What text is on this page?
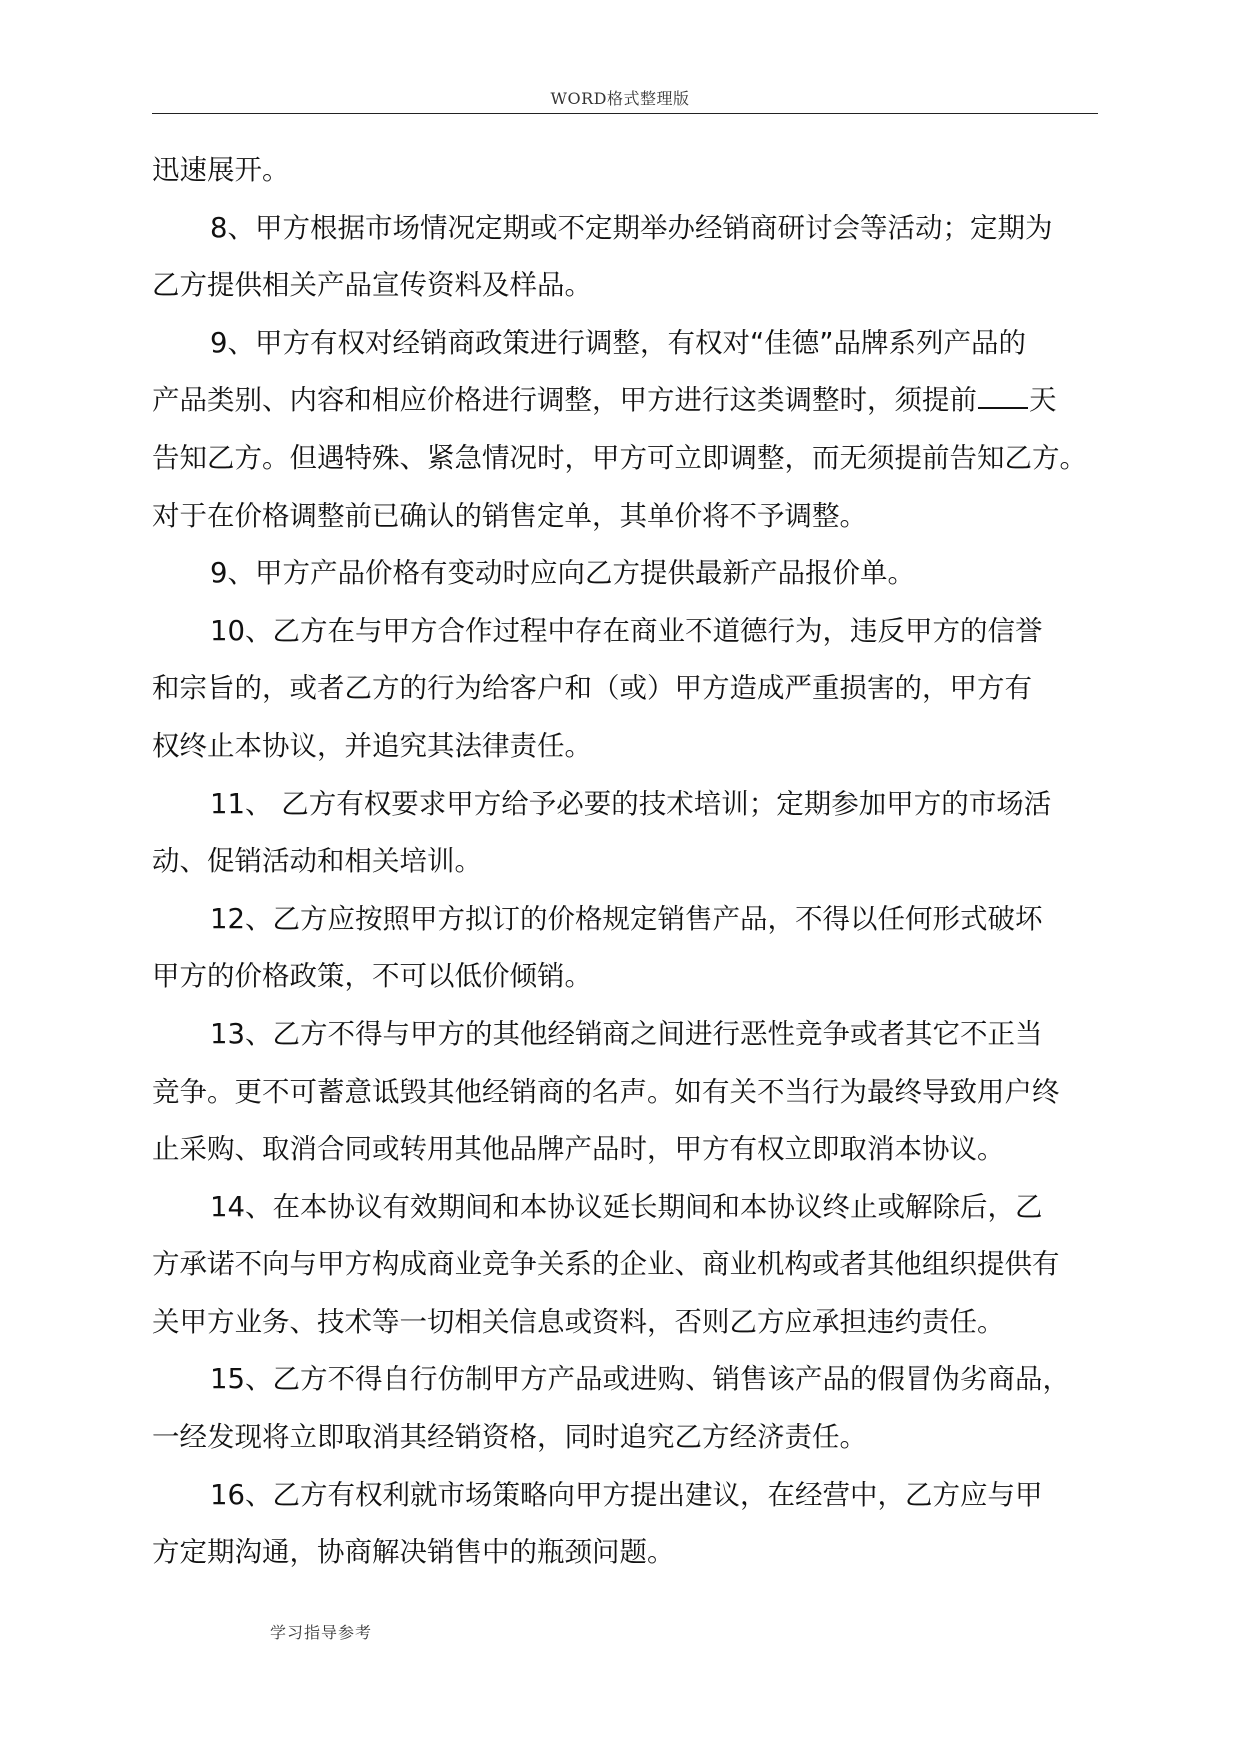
WORD格式整理版
迅速展开。
8、甲方根据市场情况定期或不定期举办经销商研讨会等活动；定期为
乙方提供相关产品宣传资料及样品。
9、甲方有权对经销商政策进行调整，有权对“佳德”品牌系列产品的
产品类别、内容和相应价格进行调整，甲方进行这类调整时，须提前 天
告知乙方。但遇特殊、紧急情况时，甲方可立即调整，而无须提前告知乙方。
对于在价格调整前已确认的销售定单，其单价将不予调整。
9、甲方产品价格有变动时应向乙方提供最新产品报价单。
10、乙方在与甲方合作过程中存在商业不道德行为，违反甲方的信誉
和宗旨的，或者乙方的行为给客户和（或）甲方造成严重损害的，甲方有
权终止本协议，并追究其法律责任。
11、 乙方有权要求甲方给予必要的技术培训；定期参加甲方的市场活
动、促销活动和相关培训。
12、乙方应按照甲方拟订的价格规定销售产品，不得以任何形式破坏
甲方的价格政策，不可以低价倾销。
13、乙方不得与甲方的其他经销商之间进行恶性竞争或者其它不正当
竞争。更不可蓄意诋毁其他经销商的名声。如有关不当行为最终导致用户终
止采购、取消合同或转用其他品牌产品时，甲方有权立即取消本协议。
14、在本协议有效期间和本协议延长期间和本协议终止或解除后，乙
方承诺不向与甲方构成商业竞争关系的企业、商业机构或者其他组织提供有
关甲方业务、技术等一切相关信息或资料，否则乙方应承担违约责任。
15、乙方不得自行仿制甲方产品或进购、销售该产品的假冒伪劣商品，
一经发现将立即取消其经销资格，同时追究乙方经济责任。
16、乙方有权利就市场策略向甲方提出建议，在经营中，乙方应与甲
方定期沟通，协商解决销售中的瓶颈问题。
学习指导参考
